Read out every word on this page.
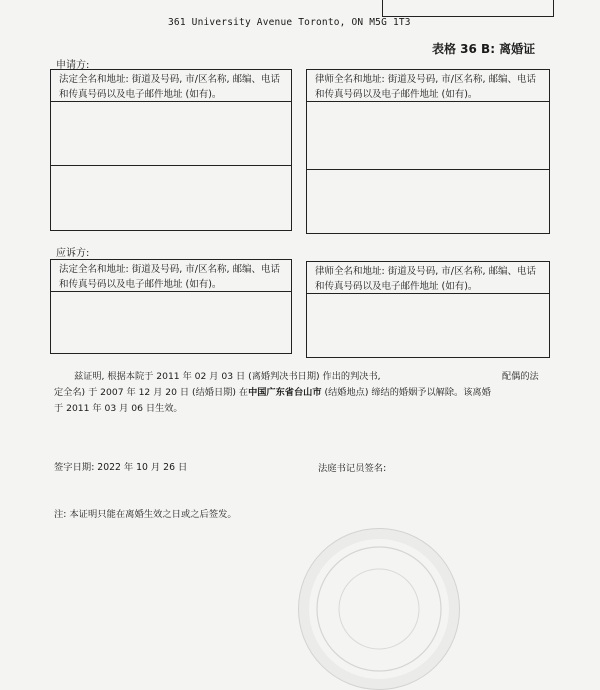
361 University Avenue Toronto, ON M5G 1T3
表格 36 B: 离婚证
申请方:
法定全名和地址: 街道及号码, 市/区名称, 邮编、电话和传真号码以及电子邮件地址 (如有)。
律师全名和地址: 街道及号码, 市/区名称, 邮编、电话和传真号码以及电子邮件地址 (如有)。
应诉方:
法定全名和地址: 街道及号码, 市/区名称, 邮编、电话和传真号码以及电子邮件地址 (如有)。
律师全名和地址: 街道及号码, 市/区名称, 邮编、电话和传真号码以及电子邮件地址 (如有)。
兹证明, 根据本院于 2011 年 02 月 03 日 (离婚判决书日期) 作出的判决书,
定全名) 于 2007 年 12 月 20 日 (结婚日期) 在中国广东省台山市 (结婚地点) 缔结的婚姻予以解除。该离婚
于 2011 年 03 月 06 日生效。
配偶的法
签字日期: 2022 年 10 月 26 日	法庭书记员签名:
注: 本证明只能在离婚生效之日或之后签发。
